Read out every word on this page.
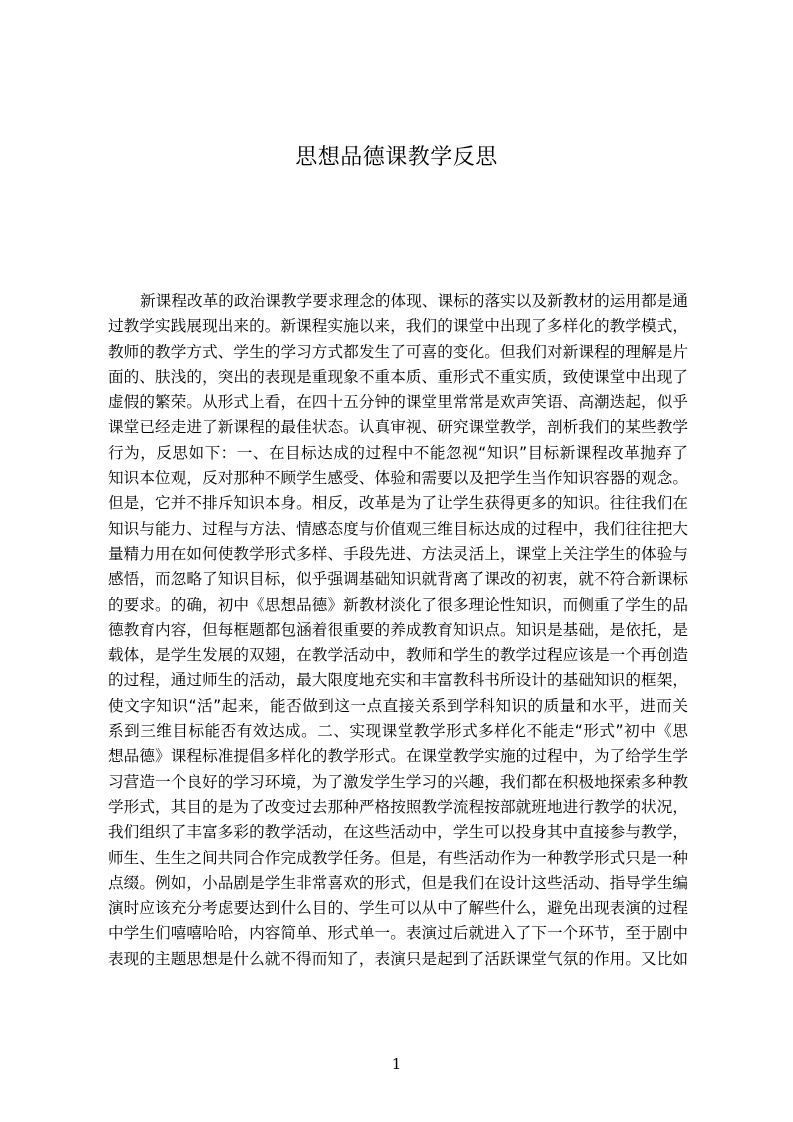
思想品德课教学反思
新课程改革的政治课教学要求理念的体现、课标的落实以及新教材的运用都是通
过教学实践展现出来的。新课程实施以来，我们的课堂中出现了多样化的教学模式，
教师的教学方式、学生的学习方式都发生了可喜的变化。但我们对新课程的理解是片
面的、肤浅的，突出的表现是重现象不重本质、重形式不重实质，致使课堂中出现了
虚假的繁荣。从形式上看，在四十五分钟的课堂里常常是欢声笑语、高潮迭起，似乎
课堂已经走进了新课程的最佳状态。认真审视、研究课堂教学，剖析我们的某些教学
行为，反思如下：一、在目标达成的过程中不能忽视“知识”目标新课程改革抛弃了
知识本位观，反对那种不顾学生感受、体验和需要以及把学生当作知识容器的观念。
但是，它并不排斥知识本身。相反，改革是为了让学生获得更多的知识。往往我们在
知识与能力、过程与方法、情感态度与价值观三维目标达成的过程中，我们往往把大
量精力用在如何使教学形式多样、手段先进、方法灵活上，课堂上关注学生的体验与
感悟，而忽略了知识目标，似乎强调基础知识就背离了课改的初衷，就不符合新课标
的要求。的确，初中《思想品德》新教材淡化了很多理论性知识，而侧重了学生的品
德教育内容，但每框题都包涵着很重要的养成教育知识点。知识是基础，是依托，是
载体，是学生发展的双翅，在教学活动中，教师和学生的教学过程应该是一个再创造
的过程，通过师生的活动，最大限度地充实和丰富教科书所设计的基础知识的框架，
使文字知识“活”起来，能否做到这一点直接关系到学科知识的质量和水平，进而关
系到三维目标能否有效达成。二、实现课堂教学形式多样化不能走“形式”初中《思
想品德》课程标准提倡多样化的教学形式。在课堂教学实施的过程中，为了给学生学
习营造一个良好的学习环境，为了激发学生学习的兴趣，我们都在积极地探索多种教
学形式，其目的是为了改变过去那种严格按照教学流程按部就班地进行教学的状况，
我们组织了丰富多彩的教学活动，在这些活动中，学生可以投身其中直接参与教学，
师生、生生之间共同合作完成教学任务。但是，有些活动作为一种教学形式只是一种
点缀。例如，小品剧是学生非常喜欢的形式，但是我们在设计这些活动、指导学生编
演时应该充分考虑要达到什么目的、学生可以从中了解些什么，避免出现表演的过程
中学生们嘻嘻哈哈，内容简单、形式单一。表演过后就进入了下一个环节，至于剧中
表现的主题思想是什么就不得而知了，表演只是起到了活跃课堂气氛的作用。又比如
1
